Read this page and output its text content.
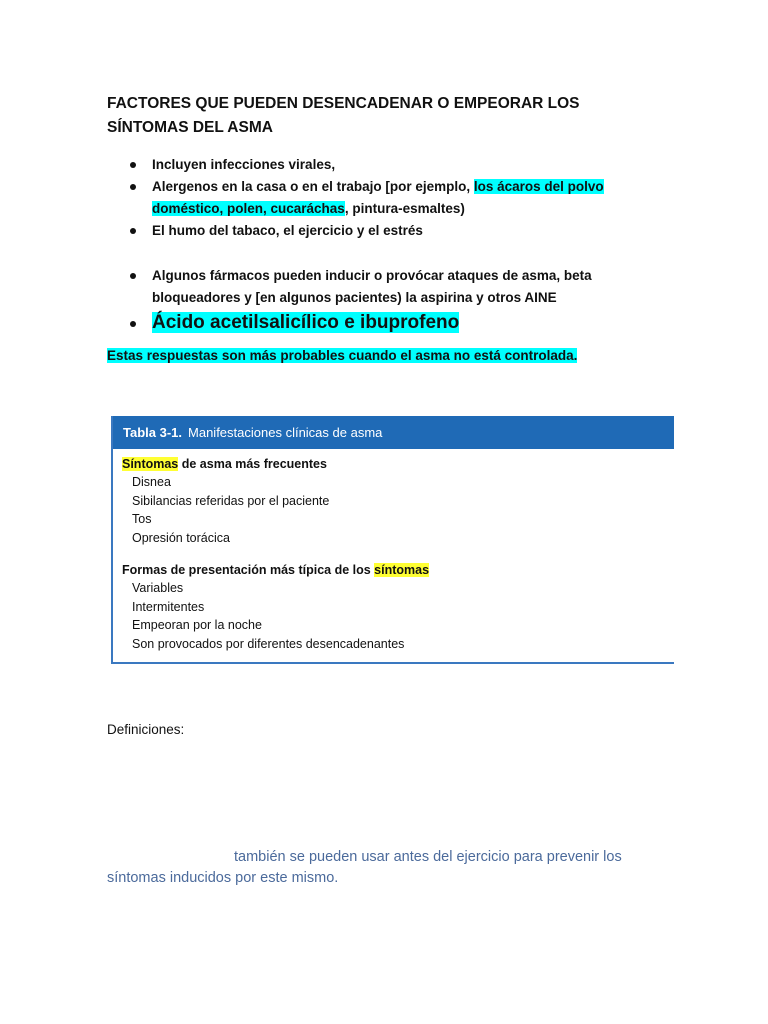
FACTORES QUE PUEDEN DESENCADENAR O EMPEORAR LOS
SÍNTOMAS DEL ASMA
Incluyen infecciones virales,
Alergenos en la casa o en el trabajo [por ejemplo, los ácaros del polvo
doméstico, polen, cucaráchas, pintura-esmaltes)
El humo del tabaco, el ejercicio y el estrés
Algunos fármacos pueden inducir o provócar ataques de asma, beta
bloqueadores y [en algunos pacientes) la aspirina y otros AINE

Ácido acetilsalicílico e ibuprofeno

Estas respuestas son más probables cuando el asma no está controlada.

Tabla 3-1. Manifestaciones clínicas de asma
Síntomas de asma más frecuentes
Disnea
Sibilancias referidas por el paciente
Tos
Opresión torácica
Formas de presentación más típica de los síntomas
Variables
Intermitentes
Empeoran por la noche
Son provocados por diferentes desencadenantes

Definiciones:

también se pueden usar antes del ejercicio para prevenir los síntomas inducidos por este mismo.
